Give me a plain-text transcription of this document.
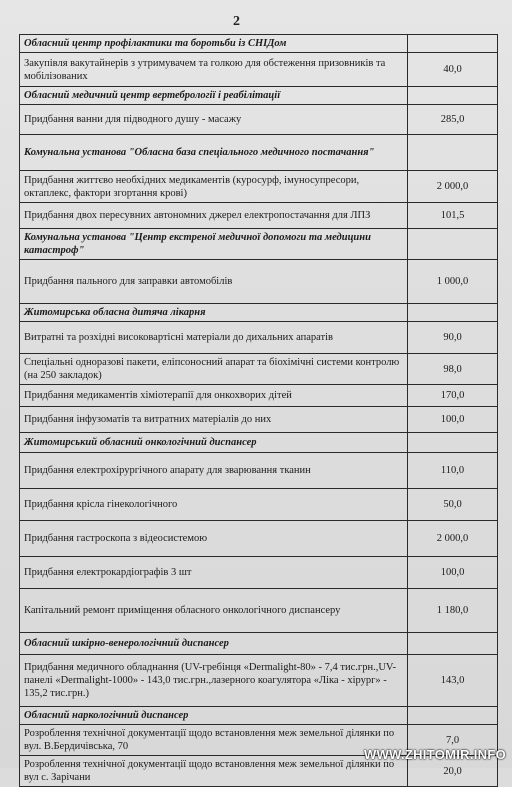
2
Обласний центр профілактики та боротьби із СНІДом	
Закупівля вакутайнерів з утримувачем та голкою для обстеження призовників та мобілізованих	40,0
Обласний медичний центр вертебрології і реабілітації	
Придбання ванни для підводного душу - масажу	285,0
Комунальна установа "Обласна база спеціального медичного постачання"	
Придбання життєво необхідних медикаментів (куросурф, імуносупресори, октаплекс, фактори згортання крові)	2 000,0
Придбання двох пересувних автономних джерел електропостачання для ЛПЗ	101,5
Комунальна установа "Центр екстреної медичної допомоги та медицини катастроф"	
Придбання пального для заправки автомобілів	1 000,0
Житомирська обласна дитяча лікарня	
Витратні та розхідні високовартісні матеріали до дихальних апаратів	90,0
Спеціальні одноразові пакети, еліпсоносний апарат та біохімічні системи контролю (на 250 закладок)	98,0
Придбання медикаментів хіміотерапії для онкохворих дітей	170,0
Придбання інфузоматів та витратних матеріалів до них	100,0
Житомирський обласний онкологічний диспансер	
Придбання електрохірургічного апарату для зварювання тканин	110,0
Придбання крісла гінекологічного	50,0
Придбання гастроскопа з відеосистемою	2 000,0
Придбання електрокардіографів 3 шт	100,0
Капітальний ремонт приміщення обласного онкологічного диспансеру	1 180,0
Обласний шкірно-венерологічний диспансер	
Придбання медичного обладнання (UV-гребінця «Dermalight-80» - 7,4 тис.грн.,UV-панелі «Dermalight-1000» - 143,0 тис.грн.,лазерного коагулятора «Ліка - хірург» - 135,2 тис.грн.)	143,0
Обласний наркологічний диспансер	
Розроблення технічної документації щодо встановлення меж земельної ділянки по вул. В.Бердичівська, 70	7,0
Розроблення технічної документації щодо встановлення меж земельної ділянки по вул с. Зарічани	20,0
WWW.ZHITOMIR.INFO
